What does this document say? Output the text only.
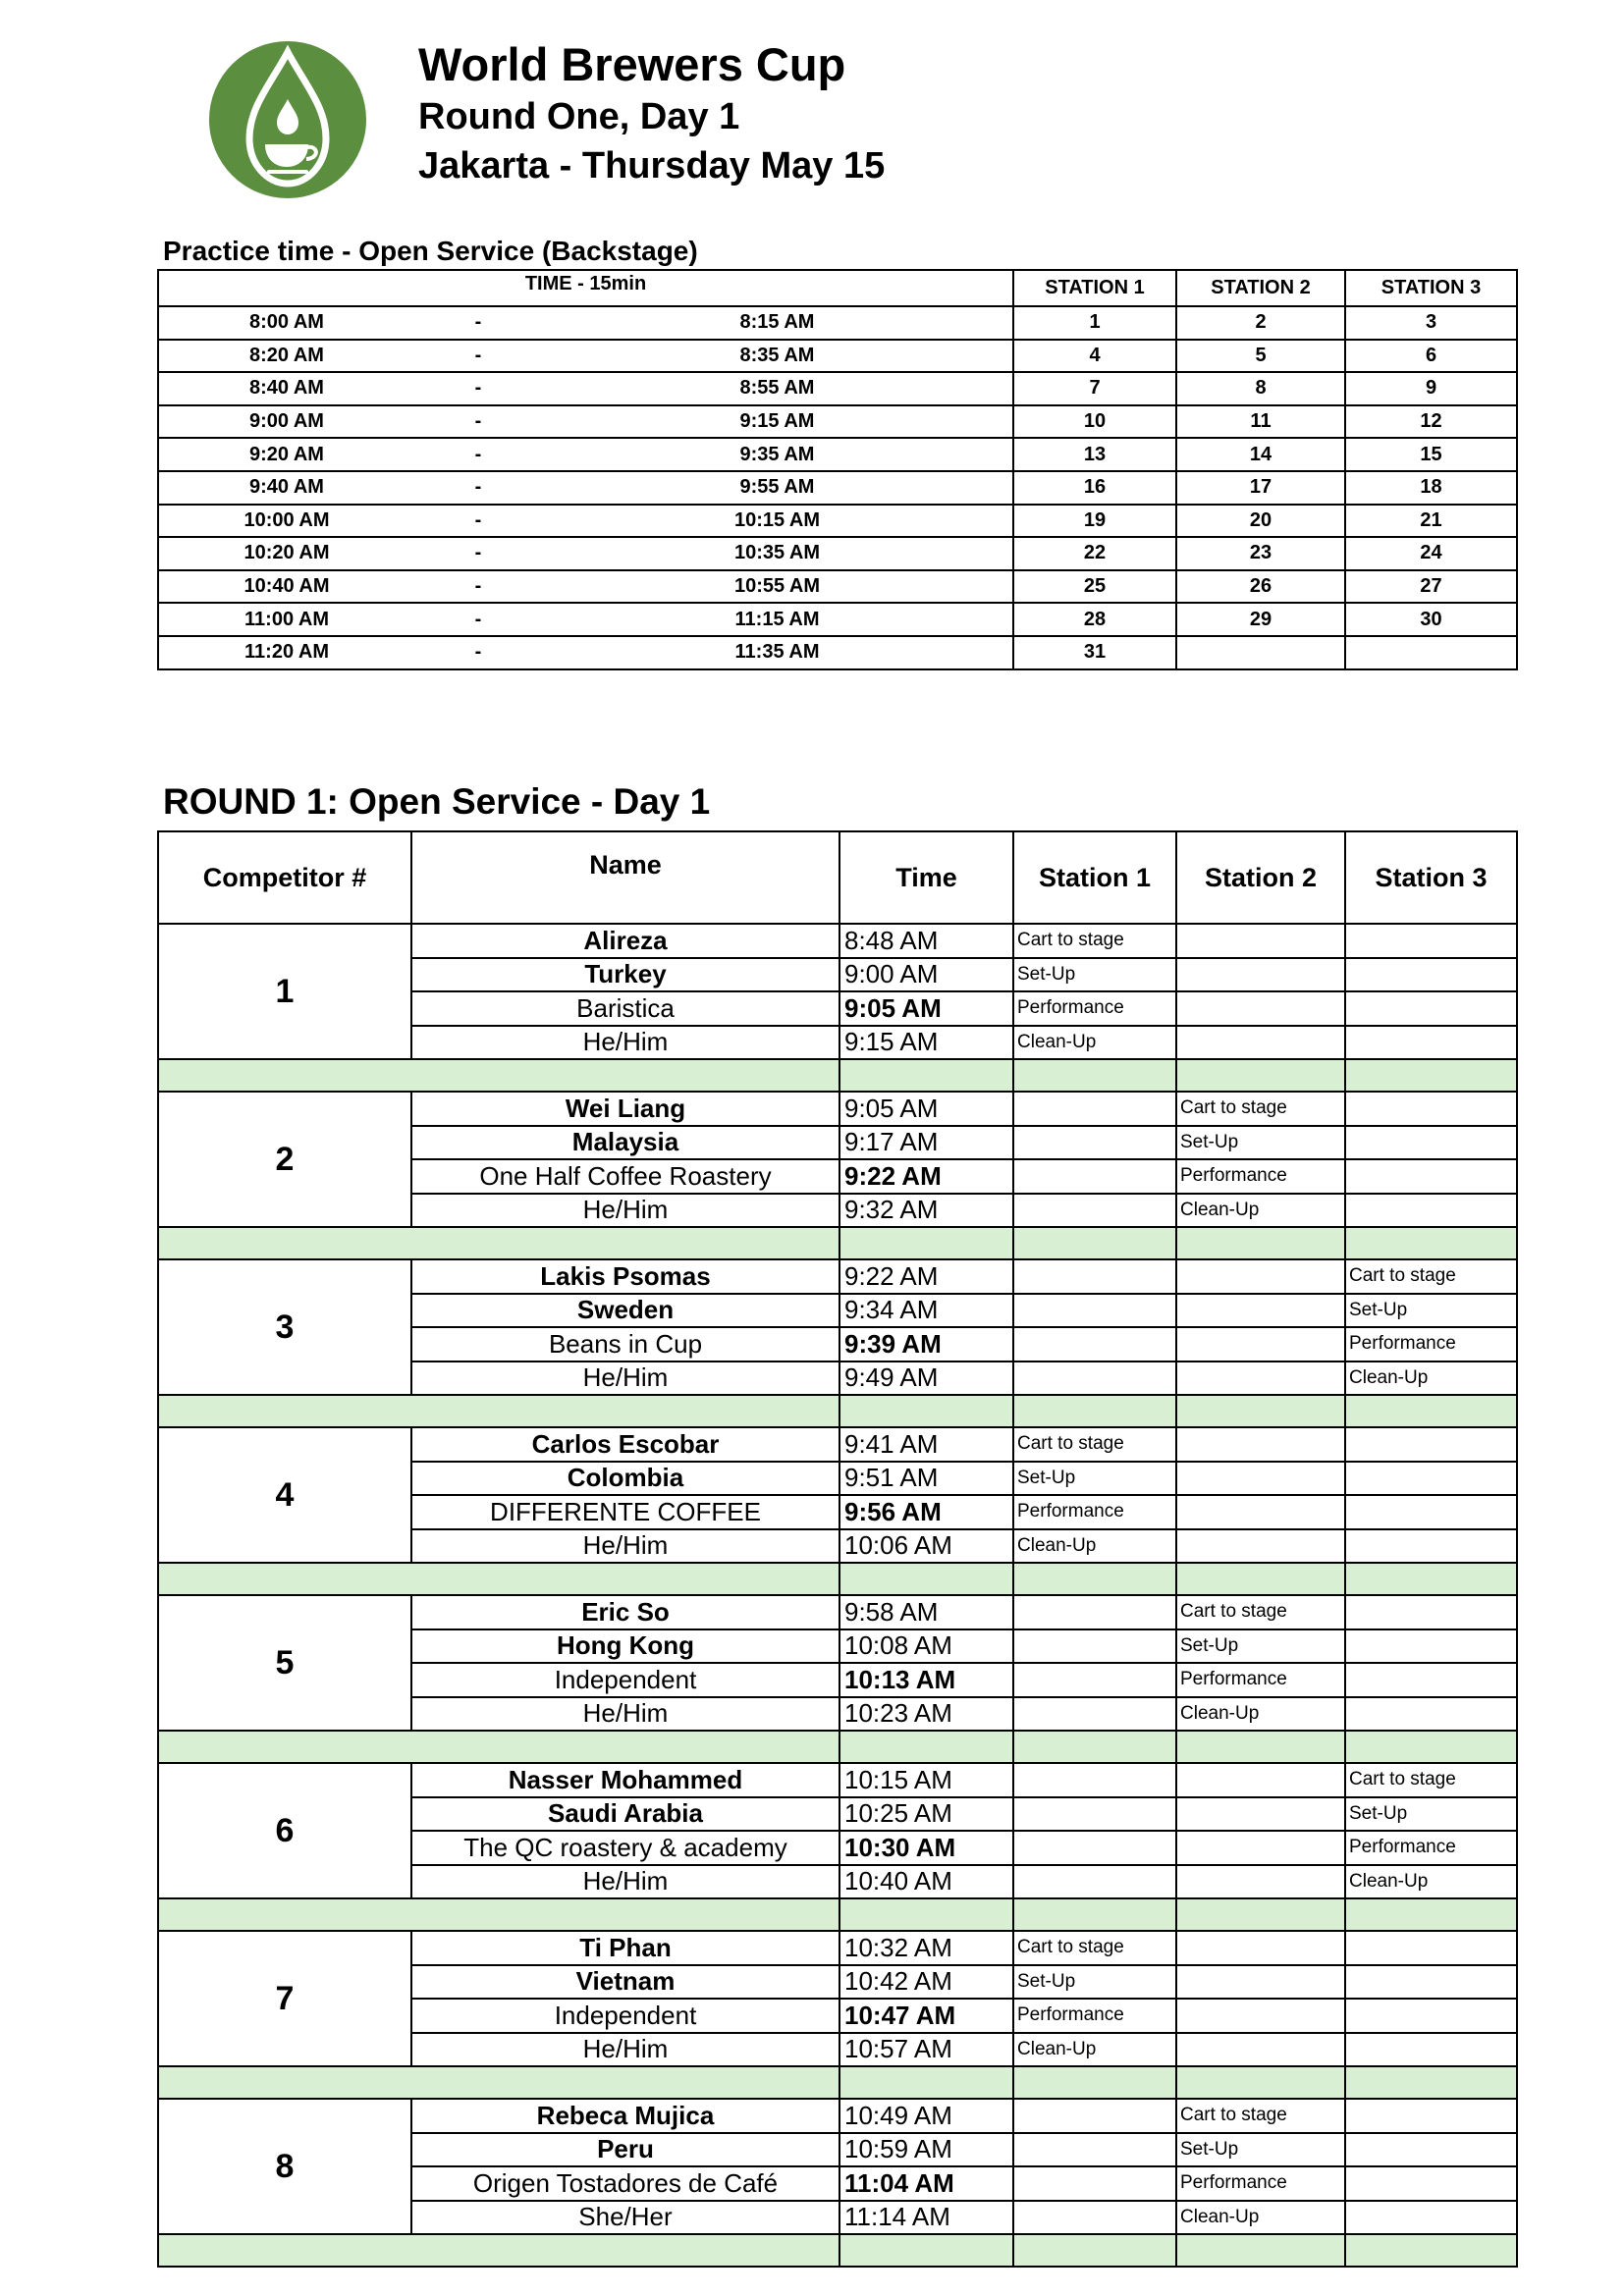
World Brewers Cup
Round One, Day 1
Jakarta - Thursday May 15
Practice time - Open Service (Backstage)
TIME - 15min	STATION 1	STATION 2	STATION 3

8:00 AM - 8:15 AM	1	2	3

8:20 AM - 8:35 AM	4	5	6

8:40 AM - 8:55 AM	7	8	9

9:00 AM - 9:15 AM	10	11	12

9:20 AM - 9:35 AM	13	14	15

9:40 AM - 9:55 AM	16	17	18

10:00 AM - 10:15 AM	19	20	21

10:20 AM - 10:35 AM	22	23	24

10:40 AM - 10:55 AM	25	26	27

11:00 AM - 11:15 AM	28	29	30

11:20 AM - 11:35 AM	31		
ROUND 1: Open Service - Day 1
Competitor #	Name	Time	Station 1	Station 2	Station 3
1	Alireza	8:48 AM	Cart to stage		
	Turkey	9:00 AM	Set-Up		
	Baristica	9:05 AM	Performance		
	He/Him	9:15 AM	Clean-Up		

2	Wei Liang	9:05 AM		Cart to stage	
	Malaysia	9:17 AM		Set-Up	
	One Half Coffee Roastery	9:22 AM		Performance	
	He/Him	9:32 AM		Clean-Up	

3	Lakis Psomas	9:22 AM			Cart to stage
	Sweden	9:34 AM			Set-Up
	Beans in Cup	9:39 AM			Performance
	He/Him	9:49 AM			Clean-Up

4	Carlos Escobar	9:41 AM	Cart to stage		
	Colombia	9:51 AM	Set-Up		
	DIFFERENTE COFFEE	9:56 AM	Performance		
	He/Him	10:06 AM	Clean-Up		

5	Eric So	9:58 AM		Cart to stage	
	Hong Kong	10:08 AM		Set-Up	
	Independent	10:13 AM		Performance	
	He/Him	10:23 AM		Clean-Up	

6	Nasser Mohammed	10:15 AM			Cart to stage
	Saudi Arabia	10:25 AM			Set-Up
	The QC roastery & academy	10:30 AM			Performance
	He/Him	10:40 AM			Clean-Up

7	Ti Phan	10:32 AM	Cart to stage		
	Vietnam	10:42 AM	Set-Up		
	Independent	10:47 AM	Performance		
	He/Him	10:57 AM	Clean-Up		

8	Rebeca Mujica	10:49 AM		Cart to stage	
	Peru	10:59 AM		Set-Up	
	Origen Tostadores de Café	11:04 AM		Performance	
	She/Her	11:14 AM		Clean-Up	
